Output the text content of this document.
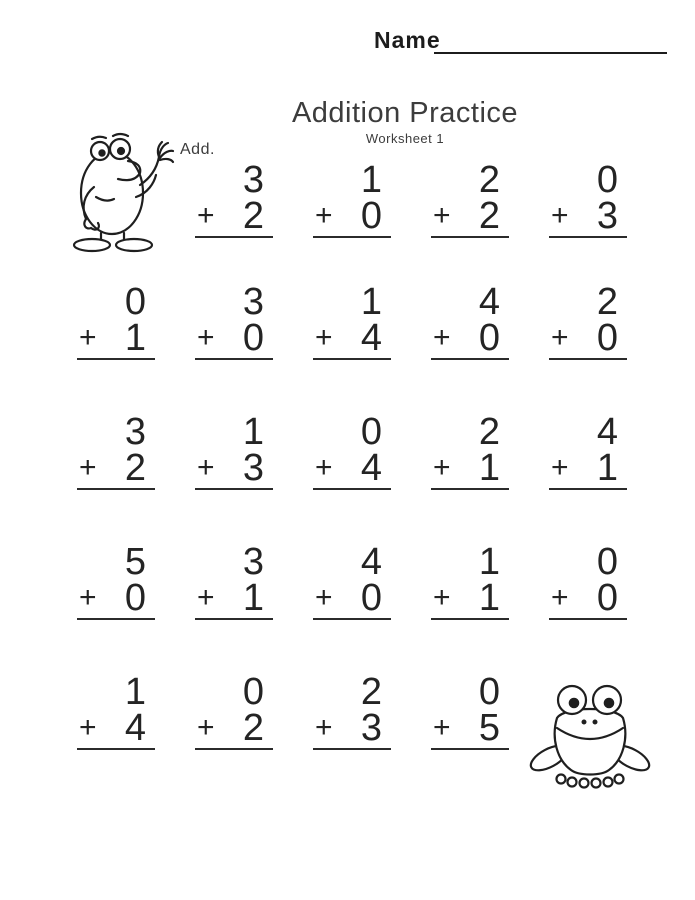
Name
Addition Practice
Worksheet 1
Add.
3
+ 2
1
+ 0
2
+ 2
0
+ 3
0
+ 1
3
+ 0
1
+ 4
4
+ 0
2
+ 0
3
+ 2
1
+ 3
0
+ 4
2
+ 1
4
+ 1
5
+ 0
3
+ 1
4
+ 0
1
+ 1
0
+ 0
1
+ 4
0
+ 2
2
+ 3
0
+ 5
